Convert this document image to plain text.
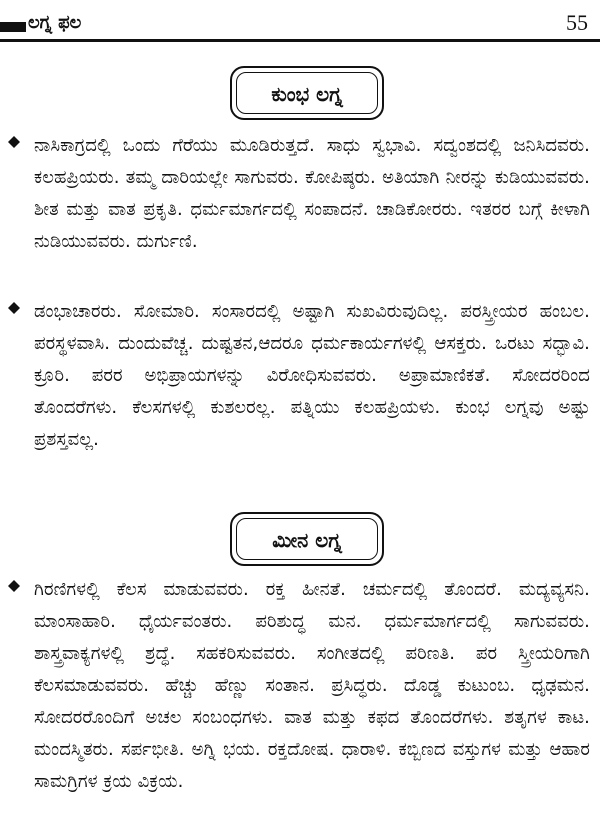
ಲಗ್ನ ಫಲ	55
ಕುಂಭ ಲಗ್ನ
ನಾಸಿಕಾಗ್ರದಲ್ಲಿ ಒಂದು ಗೆರೆಯು ಮೂಡಿರುತ್ತದೆ. ಸಾಧು ಸ್ವಭಾವಿ. ಸದ್ವಂಶದಲ್ಲಿ ಜನಿಸಿದವರು. ಕಲಹಪ್ರಿಯರು. ತಮ್ಮ ದಾರಿಯಲ್ಲೇ ಸಾಗುವರು. ಕೋಪಿಷ್ಠರು. ಅತಿಯಾಗಿ ನೀರನ್ನು ಕುಡಿಯುವವರು. ಶೀತ ಮತ್ತು ವಾತ ಪ್ರಕೃತಿ. ಧರ್ಮಮಾರ್ಗದಲ್ಲಿ ಸಂಪಾದನೆ. ಚಾಡಿಕೋರರು. ಇತರರ ಬಗ್ಗೆ ಕೀಳಾಗಿ ನುಡಿಯುವವರು. ದುರ್ಗುಣಿ.
ಡಂಭಾಚಾರರು. ಸೋಮಾರಿ. ಸಂಸಾರದಲ್ಲಿ ಅಷ್ಟಾಗಿ ಸುಖವಿರುವುದಿಲ್ಲ. ಪರಸ್ತ್ರೀಯರ ಹಂಬಲ. ಪರಸ್ಥಳವಾಸಿ. ದುಂದುವೆಚ್ಚ. ದುಷ್ಟತನ,ಆದರೂ ಧರ್ಮಕಾರ್ಯಗಳಲ್ಲಿ ಆಸಕ್ತರು. ಒರಟು ಸದ್ಭಾವಿ. ಕ್ರೂರಿ. ಪರರ ಅಭಿಪ್ರಾಯಗಳನ್ನು ವಿರೋಧಿಸುವವರು. ಅಪ್ರಾಮಾಣಿಕತೆ. ಸೋದರರಿಂದ ತೊಂದರೆಗಳು. ಕೆಲಸಗಳಲ್ಲಿ ಕುಶಲರಲ್ಲ. ಪತ್ನಿಯು ಕಲಹಪ್ರಿಯಳು. ಕುಂಭ ಲಗ್ನವು ಅಷ್ಟು ಪ್ರಶಸ್ತವಲ್ಲ.
ಮೀನ ಲಗ್ನ
ಗಿರಣಿಗಳಲ್ಲಿ ಕೆಲಸ ಮಾಡುವವರು. ರಕ್ತ ಹೀನತೆ. ಚರ್ಮದಲ್ಲಿ ತೊಂದರೆ. ಮದ್ಯವ್ಯಸನಿ. ಮಾಂಸಾಹಾರಿ. ಧೈರ್ಯವಂತರು. ಪರಿಶುದ್ಧ ಮನ. ಧರ್ಮಮಾರ್ಗದಲ್ಲಿ ಸಾಗುವವರು. ಶಾಸ್ತ್ರವಾಕ್ಯಗಳಲ್ಲಿ ಶ್ರದ್ಧೆ. ಸಹಕರಿಸುವವರು. ಸಂಗೀತದಲ್ಲಿ ಪರಿಣತಿ. ಪರ ಸ್ತ್ರೀಯರಿಗಾಗಿ ಕೆಲಸಮಾಡುವವರು. ಹೆಚ್ಚು ಹೆಣ್ಣು ಸಂತಾನ. ಪ್ರಸಿದ್ಧರು. ದೊಡ್ಡ ಕುಟುಂಬ. ಧೃಢಮನ. ಸೋದರರೊಂದಿಗೆ ಅಚಲ ಸಂಬಂಧಗಳು. ವಾತ ಮತ್ತು ಕಫದ ತೊಂದರೆಗಳು. ಶತೃಗಳ ಕಾಟ. ಮಂದಸ್ಮಿತರು. ಸರ್ಪಭೀತಿ. ಅಗ್ನಿ ಭಯ. ರಕ್ತದೋಷ. ಧಾರಾಳಿ. ಕಬ್ಬಿಣದ ವಸ್ತುಗಳ ಮತ್ತು ಆಹಾರ ಸಾಮಗ್ರಿಗಳ ಕ್ರಯ ವಿಕ್ರಯ.
